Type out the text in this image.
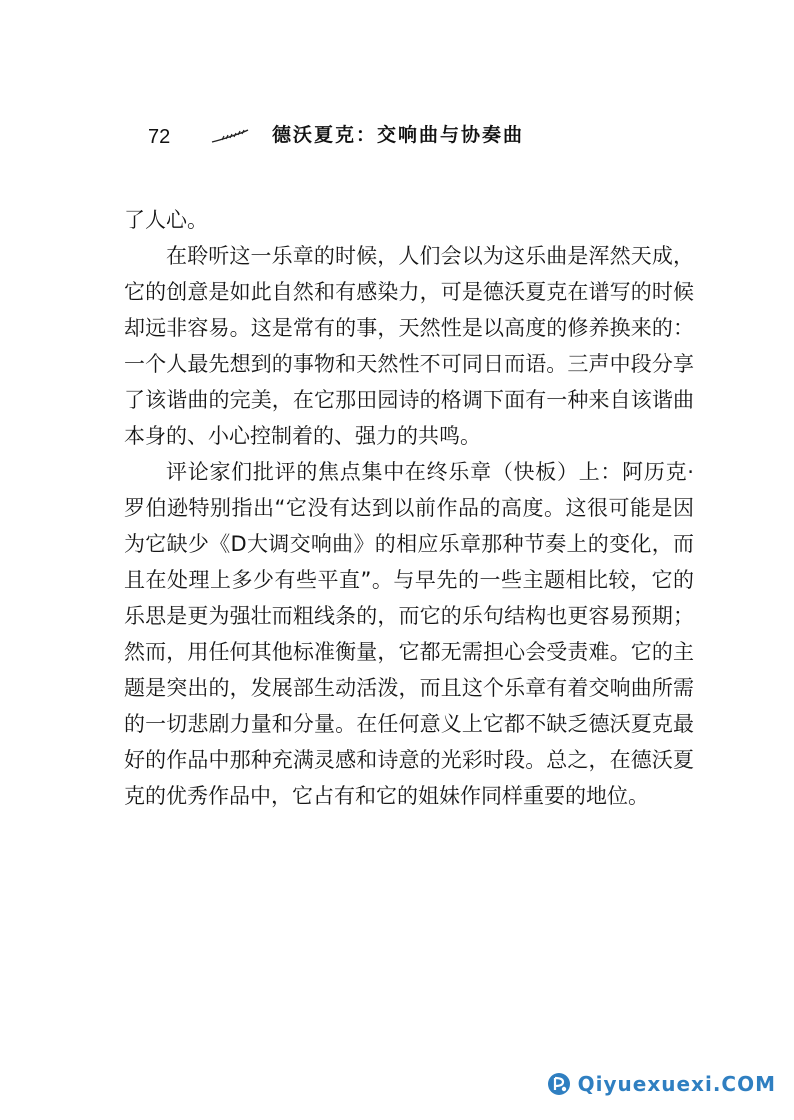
72	德沃夏克：交响曲与协奏曲

了人心。

在聆听这一乐章的时候，人们会以为这乐曲是浑然天成，它的创意是如此自然和有感染力，可是德沃夏克在谱写的时候却远非容易。这是常有的事，天然性是以高度的修养换来的：一个人最先想到的事物和天然性不可同日而语。三声中段分享了该谐曲的完美，在它那田园诗的格调下面有一种来自该谐曲本身的、小心控制着的、强力的共鸣。

评论家们批评的焦点集中在终乐章（快板）上：阿历克·罗伯逊特别指出“它没有达到以前作品的高度。这很可能是因为它缺少《D大调交响曲》的相应乐章那种节奏上的变化，而且在处理上多少有些平直”。与早先的一些主题相比较，它的乐思是更为强壮而粗线条的，而它的乐句结构也更容易预期；然而，用任何其他标准衡量，它都无需担心会受责难。它的主题是突出的，发展部生动活泼，而且这个乐章有着交响曲所需的一切悲剧力量和分量。在任何意义上它都不缺乏德沃夏克最好的作品中那种充满灵感和诗意的光彩时段。总之，在德沃夏克的优秀作品中，它占有和它的姐妹作同样重要的地位。

Qiyuexuexi.COM
